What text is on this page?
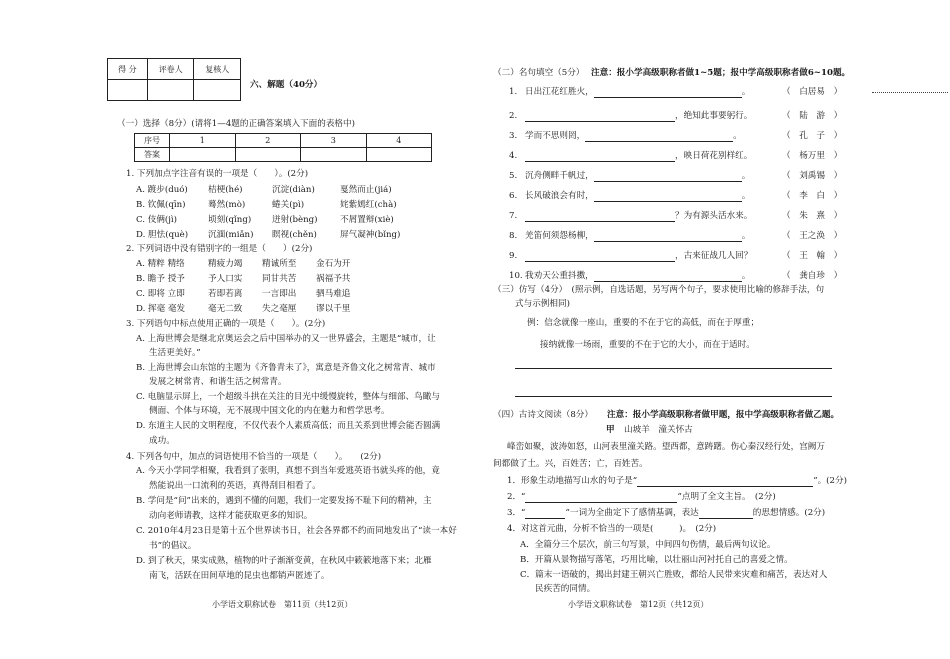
得 分	评卷人	复核人

六、解题（40分）
（一）选择（8分）(请将1—4题的正确答案填入下面的表格中)
序号	1	2	3	4
答案				
1. 下列加点字注音有误的一项是（　　）。(2分)
A. 踱步(duó) 桔梗(hé)	沉淀(diàn)	戛然而止(jiá)
B. 钦佩(qīn)	蓦然(mò)	蜷关(pì)	姹紫嫣红(chà)
C. 伎俩(jì)	顷刻(qǐng) 迸射(bèng)	不屑置辩(xiè)
D. 胆怯(què) 沉湎(miǎn) 瞑视(chěn)	屏气凝神(bǐng)
2. 下列词语中没有错别字的一组是（　　）(2分)
A. 精粹 精络	精疲力竭 精诚所至 金石为开
B. 瞻予 授予	予人口实 同甘共苦 祸福予共
C. 即将 立即	若即若离 一言即出 驷马难追
D. 挥毫 毫发	毫无二致 失之毫厘 谬以千里
3. 下列语句中标点使用正确的一项是（　　）。(2分)
A. 上海世博会是继北京奥运会之后中国举办的又一世界盛会，主题是“城市，让
生活更美好。”
B. 上海世博会山东馆的主题为《齐鲁青未了》，寓意是齐鲁文化之树常青、城市
发展之树常青、和谐生活之树常青。
C. 电脑显示屏上，一个超级斗拱在关注的目光中缓慢旋转，整体与细部、鸟瞰与
侧面、个体与环境，无不展现中国文化的内在魅力和哲学思考。
D. 东道主人民的文明程度，不仅代表个人素质高低；而且关系到世博会能否圆满
成功。
4. 下列各句中，加点的词语使用不恰当的一项是（　　）。　　(2分)
A. 今天小学同学相聚，我看到了张明，真想不到当年爱逃英语书就头疼的他，竟
然能说出一口流利的英语，真得刮目相看了。
B. 学问是“问”出来的，遇到不懂的问题，我们一定要发扬不耻下问的精神，主
动向老师请教，这样才能获取更多的知识。
C. 2010年4月23日是第十五个世界读书日，社会各界都不约而同地发出了“读一本好
书”的倡议。
D. 到了秋天，果实成熟，植物的叶子渐渐变黄，在秋风中簌簌地落下来；北雁
南飞，活跃在田间草地的昆虫也都销声匿迹了。
小学语文职称试卷　第11页（共12页）
（二）名句填空（5分） 注意：报小学高级职称者做1~5题；报中学高级职称者做6~10题。
1. 日出江花红胜火，	。	（　白居易　）
2.	，绝知此事要躬行。	（　陆　游　）
3. 学而不思则罔，	。	（　孔　子　）
4.	，映日荷花别样红。	（　杨万里　）
5. 沉舟侧畔千帆过，	。	（　刘禹锡　）
6. 长风破浪会有时，	。	（　李　白　）
7.	？为有源头活水来。	（　朱　熹　）
8. 羌笛何须怨杨柳，	。	（　王之涣　）
9.	，古来征战几人回？	（　王　翰　）
10. 我劝天公重抖擞，	。	（　龚自珍　）
（三）仿写（4分）　(照示例，自选话题，另写两个句子，要求使用比喻的修辞手法，句
式与示例相同)
例：信念就像一座山，重要的不在于它的高低，而在于厚重；
接纳就像一场雨，重要的不在于它的大小，而在于适时。
（四）古诗文阅读（8分） 注意：报小学高级职称者做甲题，报中学高级职称者做乙题。
甲 山坡羊　潼关怀古
峰峦如聚，波涛如怒，山河表里潼关路。望西都，意踌躇。伤心秦汉经行处，宫阙万
间都做了土。兴，百姓苦；亡，百姓苦。
1．形象生动地描写山水的句子是“	”。(2分)
2．“	”点明了全文主旨。　(2分)
3．“	”一词为全曲定下了感情基调，表达	的思想情感。(2分)
4．对这首元曲，分析不恰当的一项是(　　　)。　(2分)
A．全篇分三个层次，前三句写景，中间四句伤情，最后两句议论。
B．开篇从景物描写落笔，巧用比喻，以壮丽山河衬托自己的喜爱之情。
C．篇末一语破的，揭出封建王朝兴亡胜败，都给人民带来灾难和痛苦，表达对人
民疾苦的同情。
小学语文职称试卷　第12页（共12页）
